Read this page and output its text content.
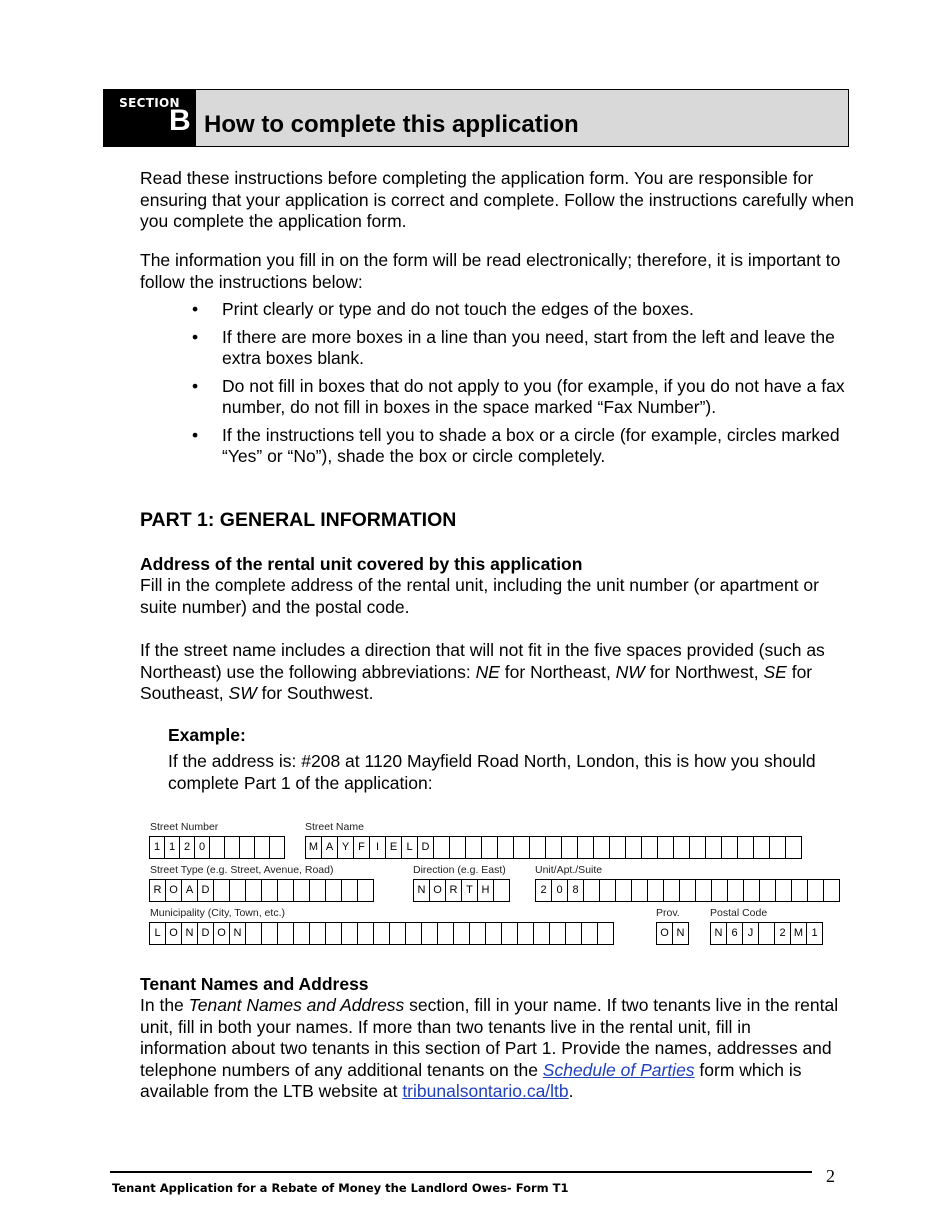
SECTION
B How to complete this application

Read these instructions before completing the application form. You are responsible for ensuring that your application is correct and complete. Follow the instructions carefully when you complete the application form.

The information you fill in on the form will be read electronically; therefore, it is important to follow the instructions below:

• Print clearly or type and do not touch the edges of the boxes.
• If there are more boxes in a line than you need, start from the left and leave the extra boxes blank.
• Do not fill in boxes that do not apply to you (for example, if you do not have a fax number, do not fill in boxes in the space marked “Fax Number”).
• If the instructions tell you to shade a box or a circle (for example, circles marked “Yes” or “No”), shade the box or circle completely.
PART 1: GENERAL INFORMATION
Address of the rental unit covered by this application

Fill in the complete address of the rental unit, including the unit number (or apartment or suite number) and the postal code.

If the street name includes a direction that will not fit in the five spaces provided (such as Northeast) use the following abbreviations: NE for Northeast, NW for Northwest, SE for Southeast, SW for Southwest.

Example:

If the address is: #208 at 1120 Mayfield Road North, London, this is how you should complete Part 1 of the application:

Street Number
1 1 2 0
Street Name
M A Y F	I E L D
Street Type (e.g. Street, Avenue, Road)
R O A D
Direction (e.g. East)
N O R T H
Unit/Apt./Suite
2 0 8
Municipality (City, Town, etc.)
L O N D O N
Prov.
O N
Postal Code
N 6 J	2 M 1
Tenant Names and Address

In the Tenant Names and Address section, fill in your name. If two tenants live in the rental unit, fill in both your names. If more than two tenants live in the rental unit, fill in information about two tenants in this section of Part 1. Provide the names, addresses and telephone numbers of any additional tenants on the Schedule of Parties form which is available from the LTB website at tribunalsontario.ca/ltb.

Tenant Application for a Rebate of Money the Landlord Owes- Form T1
2
